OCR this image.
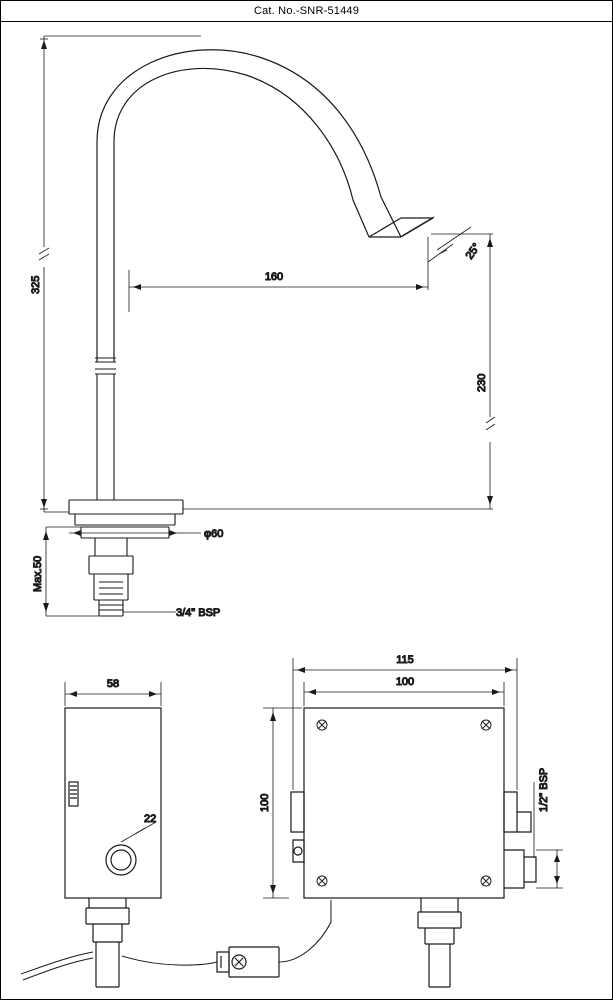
Cat. No.-SNR-51449
325	160
25°
230
φ60
Max.50
3/4" BSP
58
22
115
100
100	1/2" BSP
